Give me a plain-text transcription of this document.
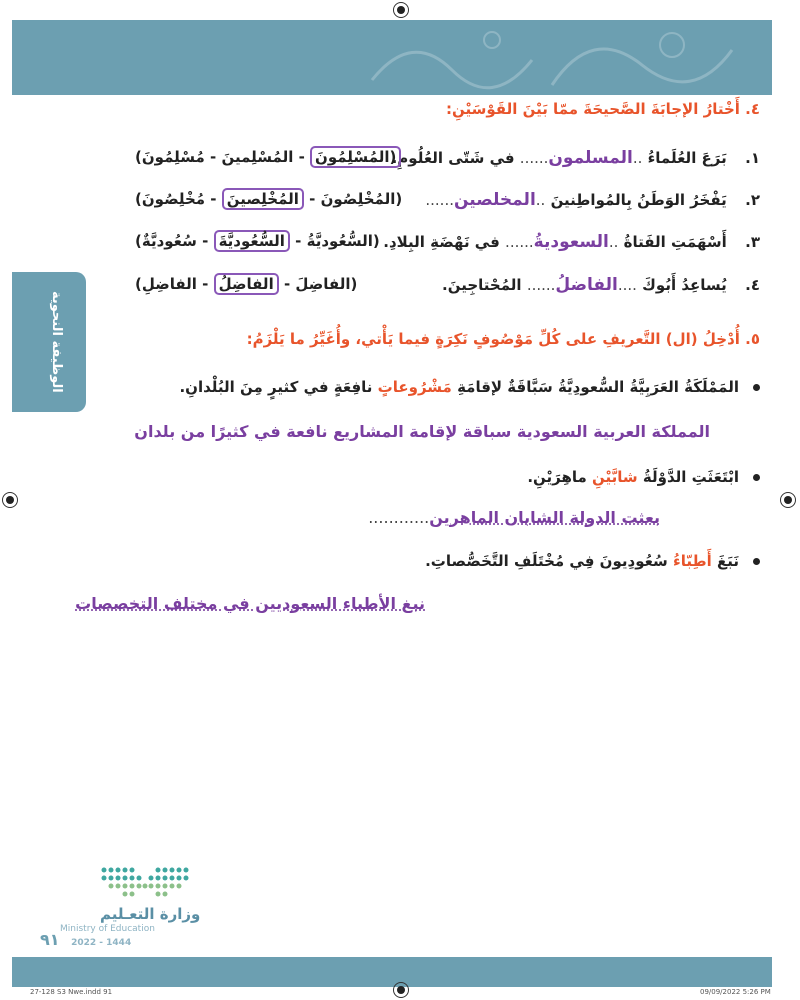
الوظيفة النحوية
٤. أَخْتارُ الإجابَةَ الصَّحيحَةَ ممّا بَيْنَ القَوْسَيْنِ:
١. بَرَعَ العُلَماءُ ..المسلمون...... في شَتّى العُلُومِ.
(المُسْلِمُونَ - المُسْلِمينَ - مُسْلِمُونَ)
٢. يَفْخَرُ الوَطَنُ بِالمُواطِنينَ ..المخلصين......
(المُخْلِصُونَ - المُخْلِصينَ - مُخْلِصُونَ)
٣. أَسْهَمَتِ الفَتاةُ ..السعوديةُ...... في نَهْضَةِ البِلادِ.
(السُّعُوديَّةُ - السُّعُوديَّةَ - سُعُوديَّةٌ)
٤. يُساعِدُ أَبُوكَ ....الفاضلُ...... المُحْتاجِينَ.
(الفاضِلَ - الفاضِلُ - الفاضِلِ)
٥. أُدْخِلُ (ال) التَّعريفِ على كُلِّ مَوْصُوفٍ نَكِرَةٍ فيما يَأْتي، وأُغَيِّرُ ما يَلْزَمُ:
المَمْلَكَةُ العَرَبِيَّةُ السُّعودِيَّةُ سَبَّاقَةٌ لإقامَةِ مَشْرُوعاتٍ نافِعَةٍ في كثيرٍ مِنَ البُلْدانِ.
المملكة العربية السعودية سباقة لإقامة المشاريع نافعة في كثيرًا من بلدان
ابْتَعَثَتِ الدَّوْلَةُ شابَّيْنِ ماهِرَيْنِ.
بعثت الدولة الشابان الماهرين............
نَبَغَ أَطِبّاءُ سُعُودِيونَ فِي مُخْتَلَفِ التَّخَصُّصاتِ.
نبغ الأطباء السعوديين في مختلف التخصصات
وزارة التعـليم
Ministry of Education
٩١ 2022 - 1444
27-128 S3 Nwe.indd 91	09/09/2022 5:26 PM
